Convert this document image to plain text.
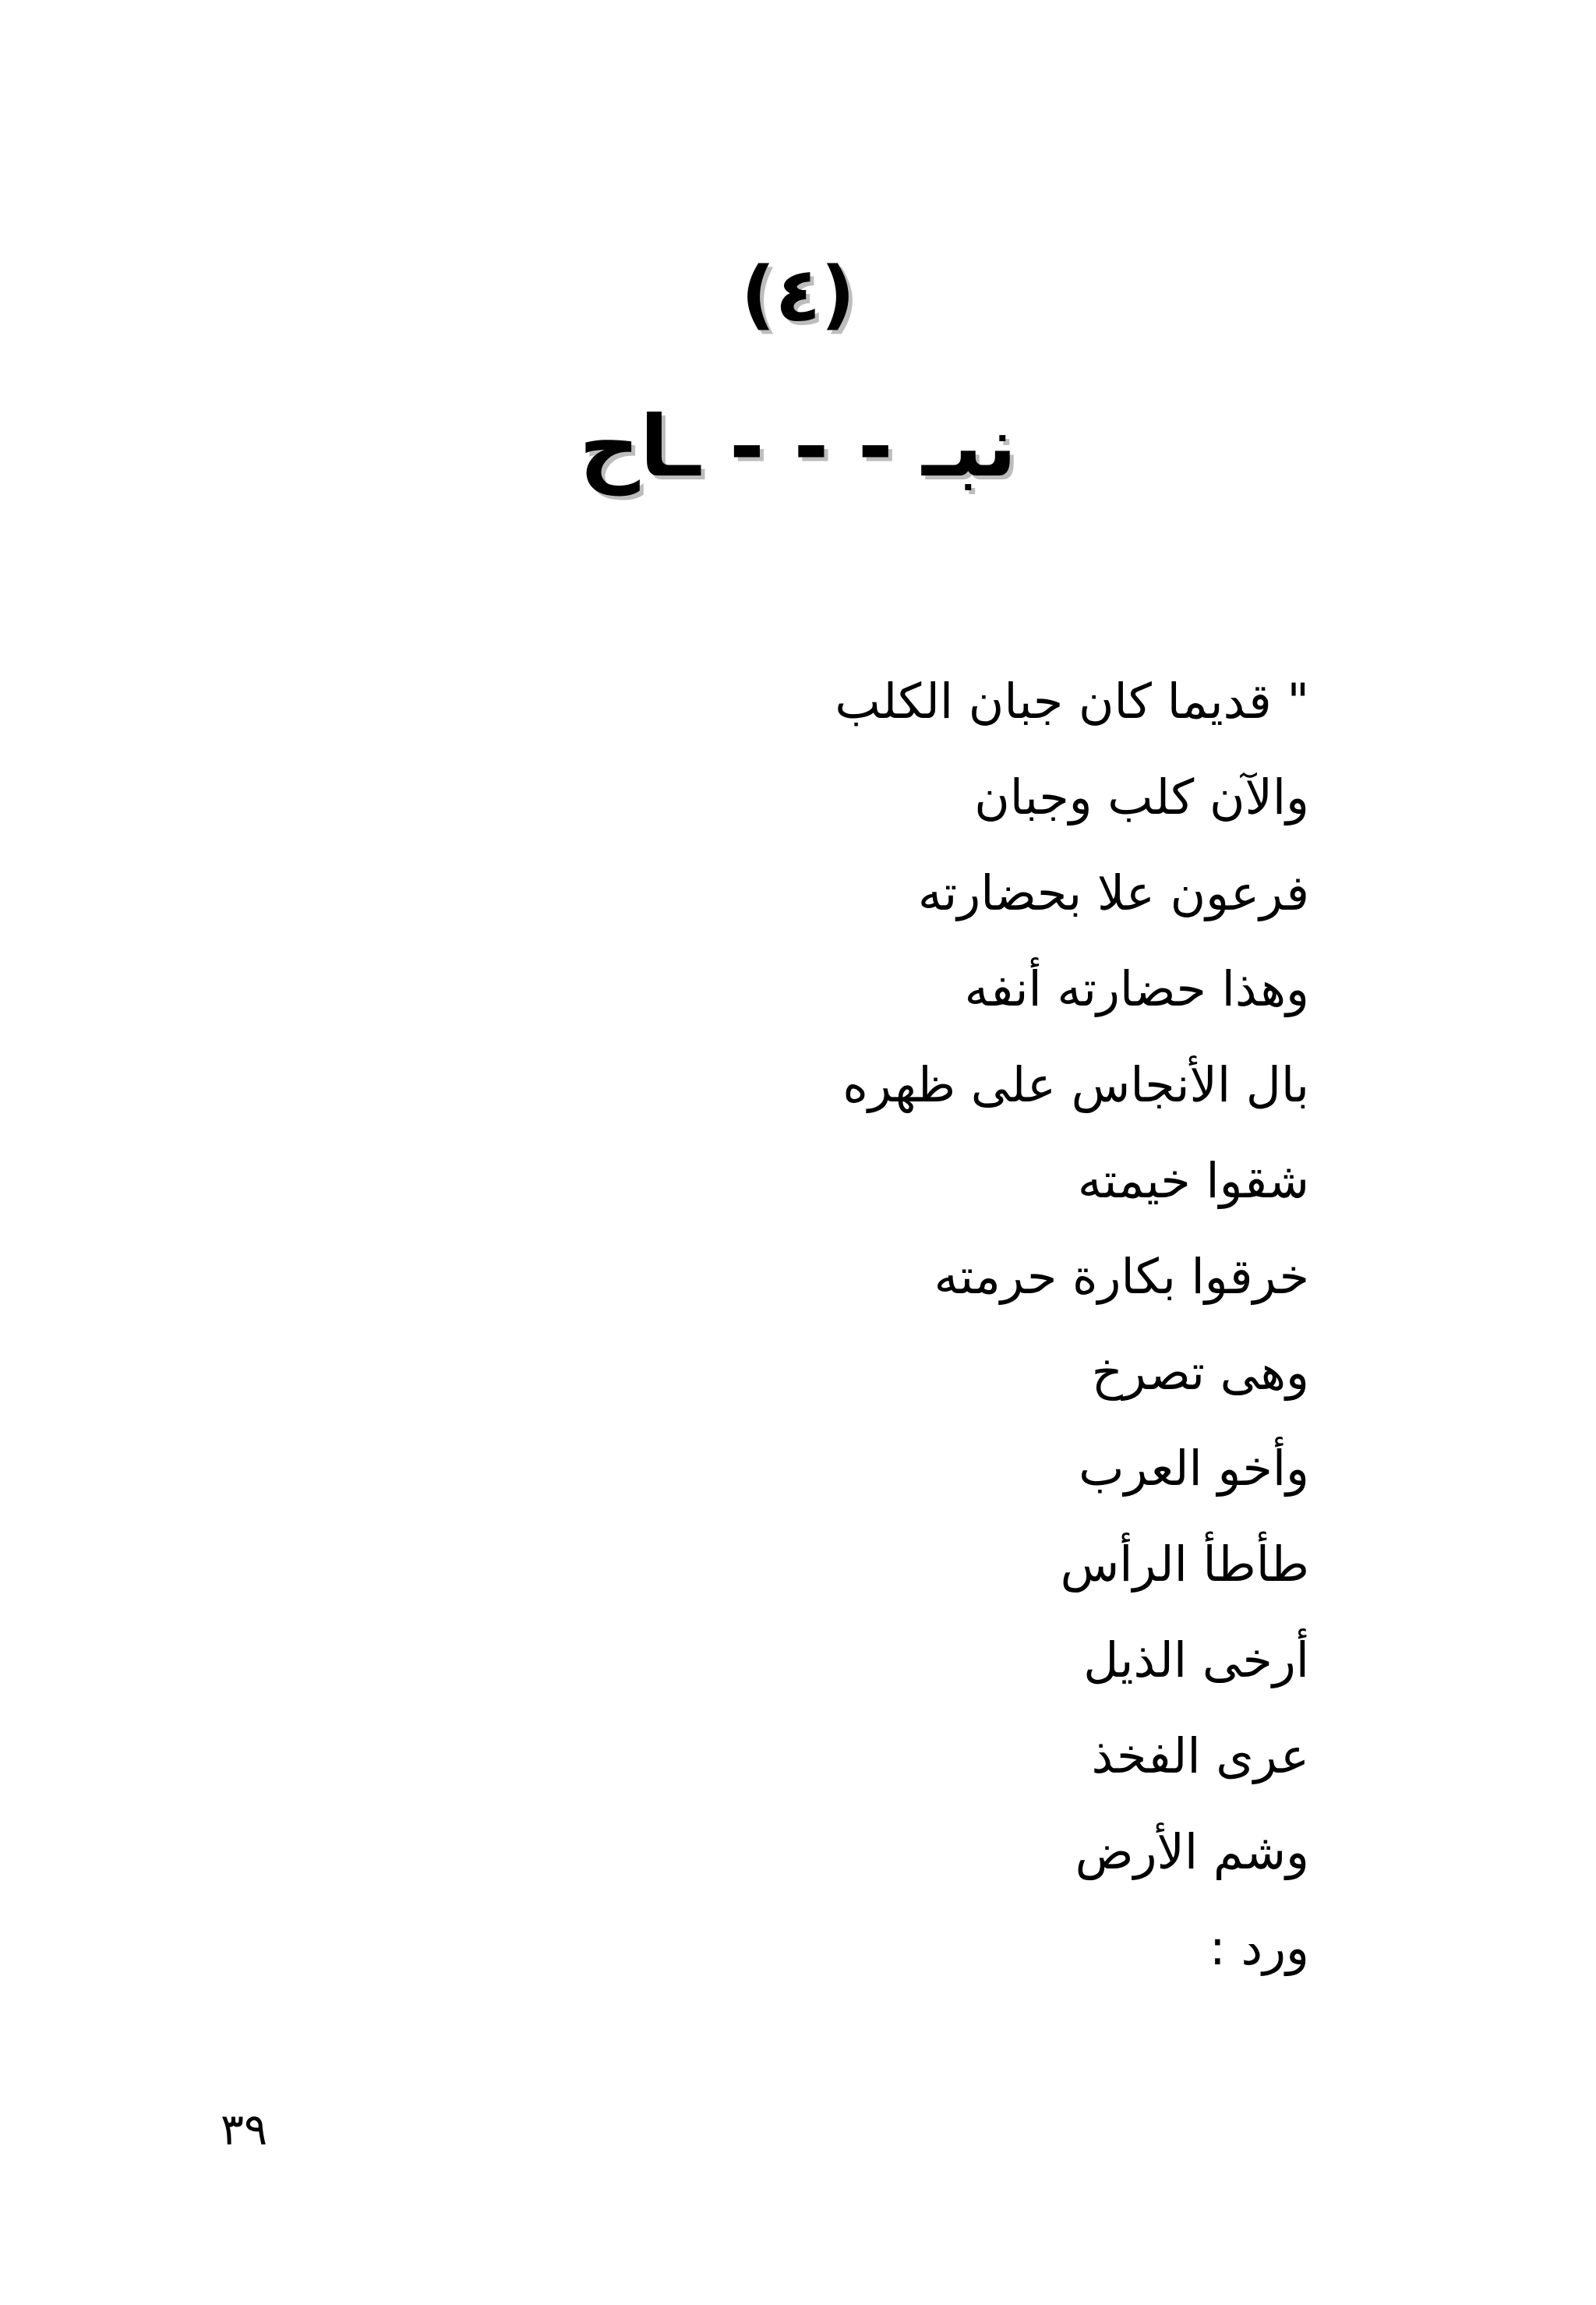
(٤)
نبـ - - - ـاح
" قديما كان جبان الكلب
والآن كلب وجبان
فرعون علا بحضارته
وهذا حضارته أنفه
بال الأنجاس على ظهره
شقوا خيمته
خرقوا بكارة حرمته
وهى تصرخ
وأخو العرب
طأطأ الرأس
أرخى الذيل
عرى الفخذ
وشم الأرض
ورد :
٣٩
